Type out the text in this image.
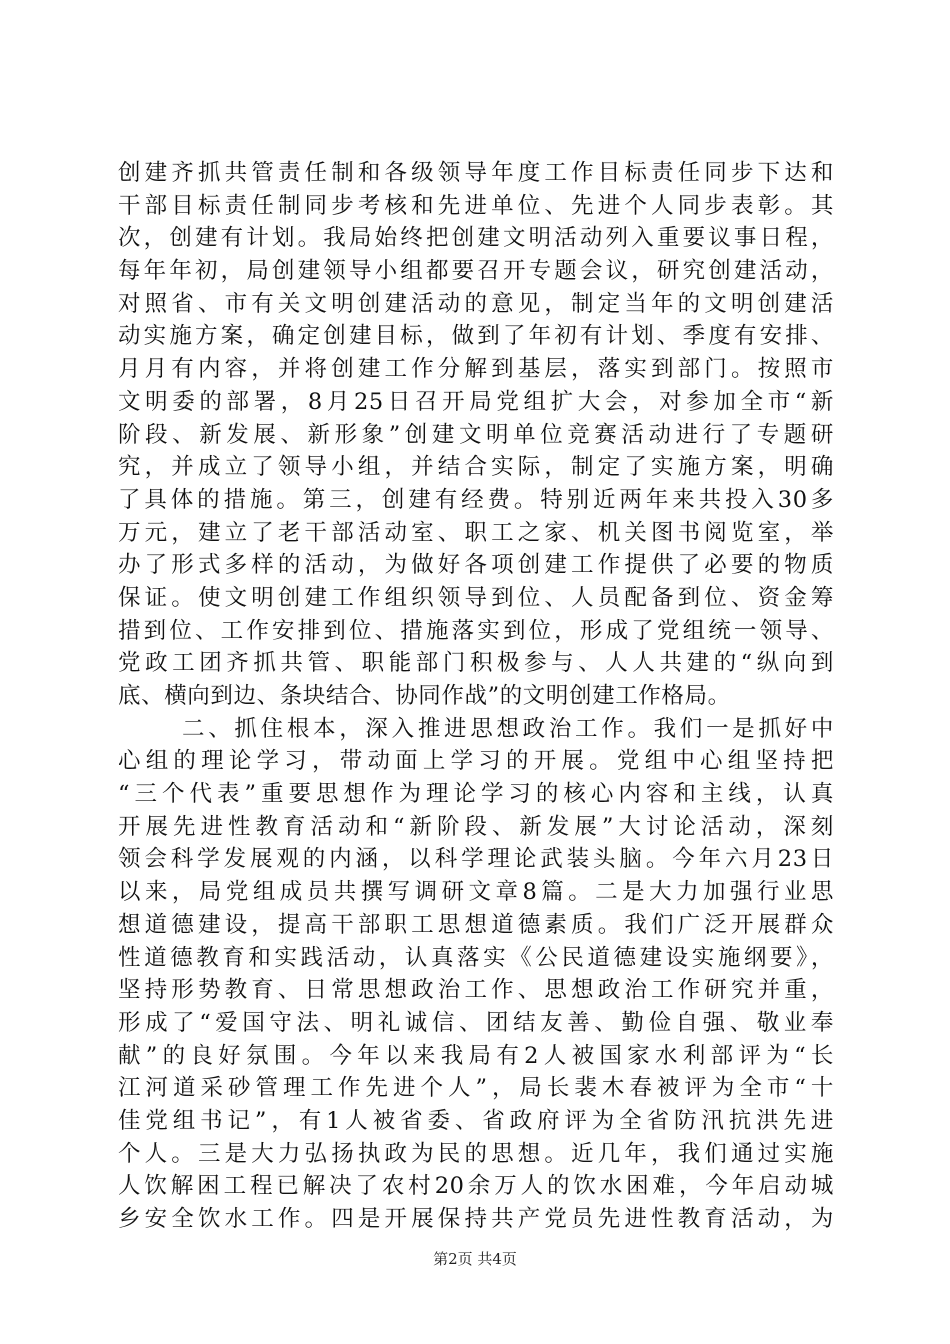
创建齐抓共管责任制和各级领导年度工作目标责任同步下达和
干部目标责任制同步考核和先进单位、先进个人同步表彰。其
次，创建有计划。我局始终把创建文明活动列入重要议事日程，
每年年初，局创建领导小组都要召开专题会议，研究创建活动，
对照省、市有关文明创建活动的意见，制定当年的文明创建活
动实施方案，确定创建目标，做到了年初有计划、季度有安排、
月月有内容，并将创建工作分解到基层，落实到部门。按照市
文明委的部署，8月25日召开局党组扩大会，对参加全市“新
阶段、新发展、新形象”创建文明单位竞赛活动进行了专题研
究，并成立了领导小组，并结合实际，制定了实施方案，明确
了具体的措施。第三，创建有经费。特别近两年来共投入30多
万元，建立了老干部活动室、职工之家、机关图书阅览室，举
办了形式多样的活动，为做好各项创建工作提供了必要的物质
保证。使文明创建工作组织领导到位、人员配备到位、资金筹
措到位、工作安排到位、措施落实到位，形成了党组统一领导、
党政工团齐抓共管、职能部门积极参与、人人共建的“纵向到
底、横向到边、条块结合、协同作战”的文明创建工作格局。
二、抓住根本，深入推进思想政治工作。我们一是抓好中
心组的理论学习，带动面上学习的开展。党组中心组坚持把
“三个代表”重要思想作为理论学习的核心内容和主线，认真
开展先进性教育活动和“新阶段、新发展”大讨论活动，深刻
领会科学发展观的内涵，以科学理论武装头脑。今年六月23日
以来，局党组成员共撰写调研文章8篇。二是大力加强行业思
想道德建设，提高干部职工思想道德素质。我们广泛开展群众
性道德教育和实践活动，认真落实《公民道德建设实施纲要》，
坚持形势教育、日常思想政治工作、思想政治工作研究并重，
形成了“爱国守法、明礼诚信、团结友善、勤俭自强、敬业奉
献”的良好氛围。今年以来我局有2人被国家水利部评为“长
江河道采砂管理工作先进个人”，局长裴木春被评为全市“十
佳党组书记”，有1人被省委、省政府评为全省防汛抗洪先进
个人。三是大力弘扬执政为民的思想。近几年，我们通过实施
人饮解困工程已解决了农村20余万人的饮水困难，今年启动城
乡安全饮水工作。四是开展保持共产党员先进性教育活动，为
第2页 共4页
